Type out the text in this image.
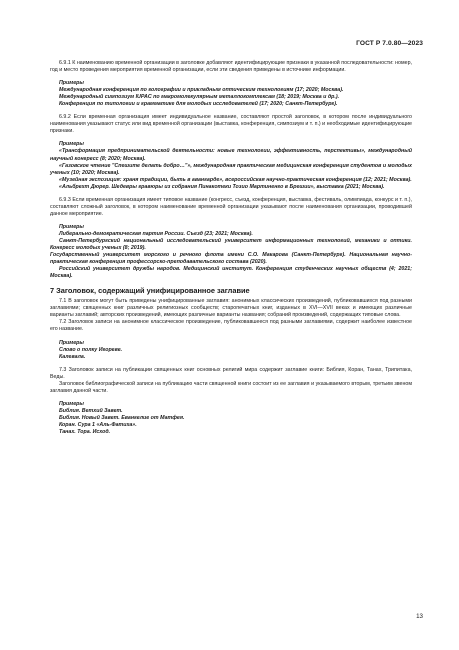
ГОСТ Р 7.0.80—2023

6.9.1 К наименованию временной организации в заголовке добавляют идентифицирующие признаки в указанной последовательности: номер, год и место проведения мероприятия временной организации, если эти сведения приведены в источнике информации.

Примеры

Международная конференция по голографии и прикладным оптическим технологиям (17; 2020; Москва).

Международный симпозиум IUPAC по макромолекулярным металлокомплексам (18; 2019; Москва и др.).

Конференция по типологии и грамматике для молодых исследователей (17; 2020; Санкт-Петербург).

6.9.2 Если временная организация имеет индивидуальное название, составляют простой заголовок, в котором после индивидуального наименования указывают статус или вид временной организации (выставка, конференция, симпозиум и т. п.) и необходимые идентифицирующие признаки.

Примеры

«Трансформация предпринимательской деятельности: новые технологии, эффективность, перспективы», международный научный конгресс (8; 2020; Москва).

«Газовское чтение "Спешите делать добро…"», международная практическая медицинская конференция студентов и молодых ученых (10; 2020; Москва).

«Музейная экспозиция: храня традиции, быть в авангарде», всероссийская научно-практическая конференция (12; 2021; Москва).

«Альбрехт Дюрер. Шедевры гравюры из собрания Пинакотеки Тозио Мартиненго в Брешии», выставка (2021; Москва).

6.9.3 Если временная организация имеет типовое название (конгресс, съезд, конференция, выставка, фестиваль, олимпиада, конкурс и т. п.), составляют сложный заголовок, в котором наименование временной организации указывают после наименования организации, проводившей данное мероприятие.

Примеры

Либерально-демократическая партия России. Съезд (23; 2021; Москва).

Санкт-Петербургский национальный исследовательский университет информационных технологий, механики и оптики. Конгресс молодых ученых (8; 2019).

Государственный университет морского и речного флота имени С.О. Макарова (Санкт-Петербург). Национальная научно-практическая конференция профессорско-преподавательского состава (2020).

Российский университет дружбы народов. Медицинский институт. Конференция студенческих научных обществ (4; 2021; Москва).

7 Заголовок, содержащий унифицированное заглавие

7.1 В заголовок могут быть приведены унифицированные заглавия: анонимных классических произведений, публиковавшихся под разными заглавиями; священных книг различных религиозных сообществ; старопечатных книг, изданных в XVI—XVII веках и имеющих различные варианты заглавий; авторских произведений, имеющих различные варианты названия; собраний произведений, содержащих типовые слова.

7.2 Заголовок записи на анонимное классическое произведение, публиковавшееся под разными заглавиями, содержит наиболее известное его название.

Примеры

Слово о полку Игореве.

Калевала.

7.3 Заголовок записи на публикации священных книг основных религий мира содержит заглавие книги: Библия, Коран, Танах, Трипитака, Веды.

Заголовок библиографической записи на публикацию части священной книги состоит из ее заглавия и указываемого вторым, третьим звеном заглавия данной части.

Примеры

Библия. Ветхий Завет.

Библия. Новый Завет. Евангелие от Матфея.

Коран. Сура 1 «Аль-Фатиха».

Танах. Тора. Исход.

13
